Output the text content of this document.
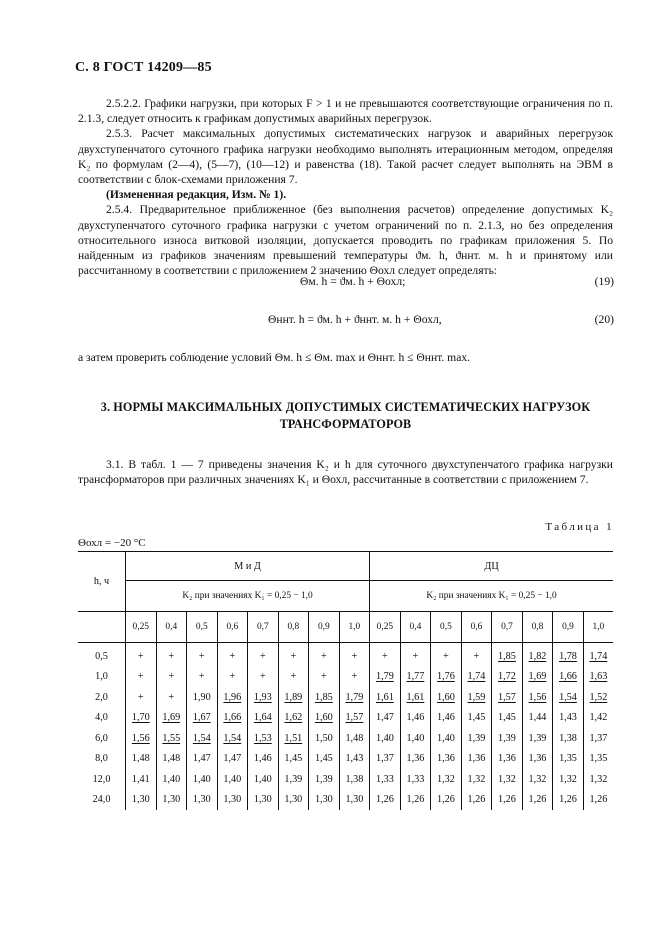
С. 8 ГОСТ 14209—85

2.5.2.2. Графики нагрузки, при которых F > 1 и не превышаются соответствующие ограничения по п. 2.1.3, следует относить к графикам допустимых аварийных перегрузок.

2.5.3. Расчет максимальных допустимых систематических нагрузок и аварийных перегрузок двухступенчатого суточного графика нагрузки необходимо выполнять итерационным методом, определяя K₂ по формулам (2—4), (5—7), (10—12) и равенства (18). Такой расчет следует выполнять на ЭВМ в соответствии с блок-схемами приложения 7.

(Измененная редакция, Изм. № 1).

2.5.4. Предварительное приближенное (без выполнения расчетов) определение допустимых K₂ двухступенчатого суточного графика нагрузки с учетом ограничений по п. 2.1.3, но без определения относительного износа витковой изоляции, допускается проводить по графикам приложения 5. По найденным из графиков значениям превышений температуры ϑм. h, ϑннт. м. h и принятому или рассчитанному в соответствии с приложением 2 значению Θохл следует определять:

Θм. h = ϑм. h + Θохл;	(19)
Θннт. h = ϑм. h + ϑннт. м. h + Θохл,	(20)
а затем проверить соблюдение условий Θм. h ≤ Θм. max и Θннт. h ≤ Θннт. max.
3. НОРМЫ МАКСИМАЛЬНЫХ ДОПУСТИМЫХ СИСТЕМАТИЧЕСКИХ НАГРУЗОК ТРАНСФОРМАТОРОВ
3.1. В табл. 1 — 7 приведены значения K₂ и h для суточного двухступенчатого графика нагрузки трансформаторов при различных значениях K₁ и Θохл, рассчитанные в соответствии с приложением 7.
Таблица 1
Θохл = −20 °С
h, ч	М и Д								ДЦ							
	K₂ при значениях K₁ = 0,25 − 1,0								K₂ при значениях K₁ = 0,25 − 1,0							
	0,25	0,4	0,5	0,6	0,7	0,8	0,9	1,0	0,25	0,4	0,5	0,6	0,7	0,8	0,9	1,0
0,5	+	+	+	+	+	+	+	+	+	+	+	+	1,85	1,82	1,78	1,74
1,0	+	+	+	+	+	+	+	+	1,79	1,77	1,76	1,74	1,72	1,69	1,66	1,63
2,0	+	+	1,90	1,96	1,93	1,89	1,85	1,79	1,61	1,61	1,60	1,59	1,57	1,56	1,54	1,52
4,0	1,70	1,69	1,67	1,66	1,64	1,62	1,60	1,57	1,47	1,46	1,46	1,45	1,45	1,44	1,43	1,42
6,0	1,56	1,55	1,54	1,54	1,53	1,51	1,50	1,48	1,40	1,40	1,40	1,39	1,39	1,39	1,38	1,37
8,0	1,48	1,48	1,47	1,47	1,46	1,45	1,45	1,43	1,37	1,36	1,36	1,36	1,36	1,36	1,35	1,35
12,0	1,41	1,40	1,40	1,40	1,40	1,39	1,39	1,38	1,33	1,33	1,32	1,32	1,32	1,32	1,32	1,32
24,0	1,30	1,30	1,30	1,30	1,30	1,30	1,30	1,30	1,26	1,26	1,26	1,26	1,26	1,26	1,26	1,26
